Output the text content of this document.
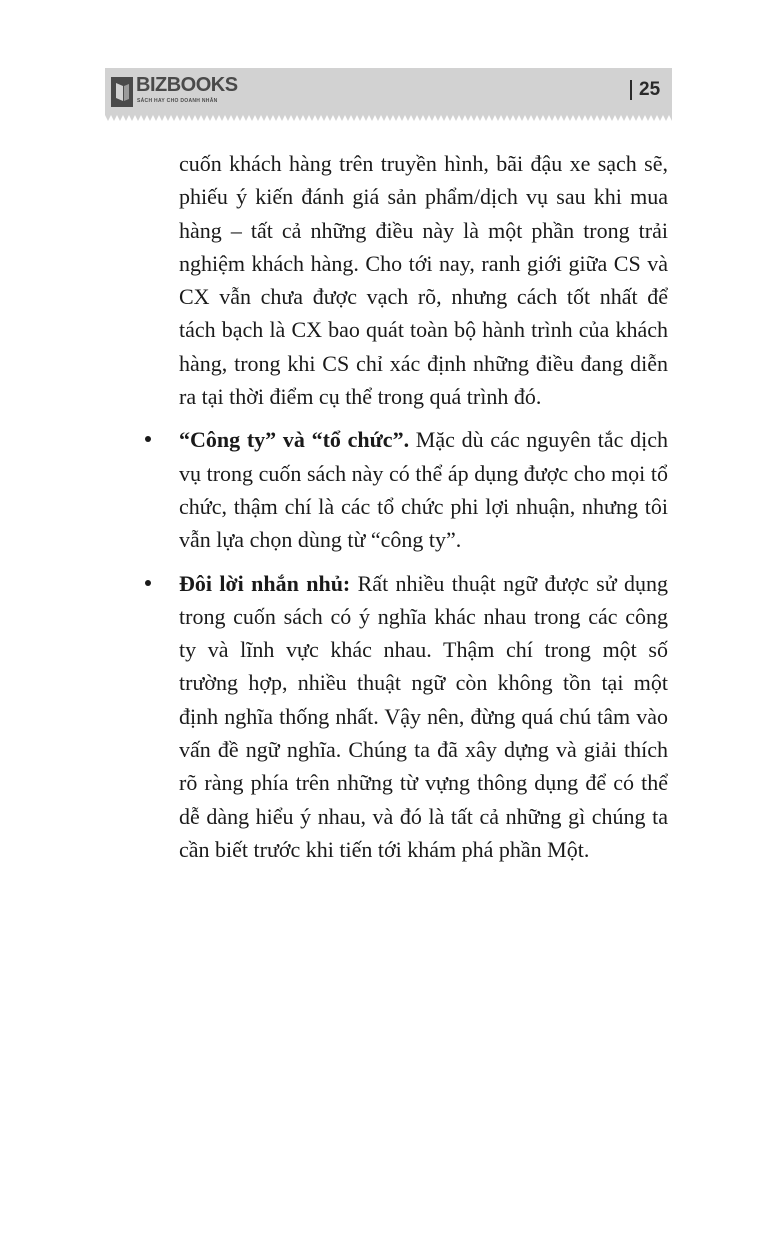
BIZBOOKS
SÁCH HAY CHO DOANH NHÂN
25

cuốn khách hàng trên truyền hình, bãi đậu xe sạch sẽ, phiếu ý kiến đánh giá sản phẩm/dịch vụ sau khi mua hàng – tất cả những điều này là một phần trong trải nghiệm khách hàng. Cho tới nay, ranh giới giữa CS và CX vẫn chưa được vạch rõ, nhưng cách tốt nhất để tách bạch là CX bao quát toàn bộ hành trình của khách hàng, trong khi CS chỉ xác định những điều đang diễn ra tại thời điểm cụ thể trong quá trình đó.

“Công ty” và “tổ chức”. Mặc dù các nguyên tắc dịch vụ trong cuốn sách này có thể áp dụng được cho mọi tổ chức, thậm chí là các tổ chức phi lợi nhuận, nhưng tôi vẫn lựa chọn dùng từ “công ty”.
Đôi lời nhắn nhủ: Rất nhiều thuật ngữ được sử dụng trong cuốn sách có ý nghĩa khác nhau trong các công ty và lĩnh vực khác nhau. Thậm chí trong một số trường hợp, nhiều thuật ngữ còn không tồn tại một định nghĩa thống nhất. Vậy nên, đừng quá chú tâm vào vấn đề ngữ nghĩa. Chúng ta đã xây dựng và giải thích rõ ràng phía trên những từ vựng thông dụng để có thể dễ dàng hiểu ý nhau, và đó là tất cả những gì chúng ta cần biết trước khi tiến tới khám phá phần Một.
